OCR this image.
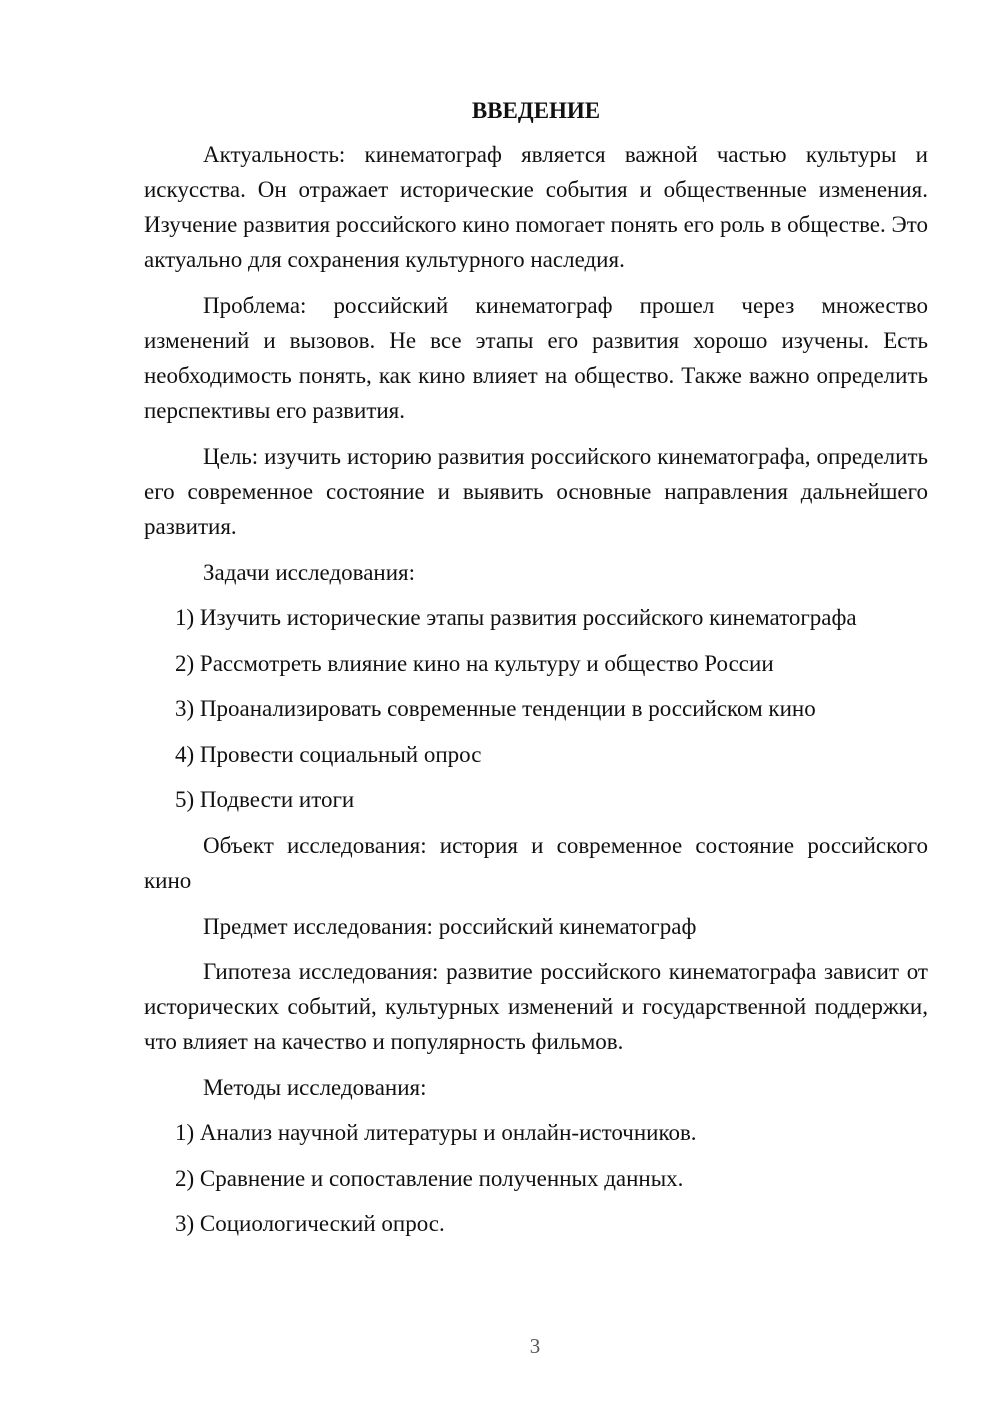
ВВЕДЕНИЕ

Актуальность: кинематограф является важной частью культуры и искусства. Он отражает исторические события и общественные изменения. Изучение развития российского кино помогает понять его роль в обществе. Это актуально для сохранения культурного наследия.

Проблема: российский кинематограф прошел через множество изменений и вызовов. Не все этапы его развития хорошо изучены. Есть необходимость понять, как кино влияет на общество. Также важно определить перспективы его развития.

Цель: изучить историю развития российского кинематографа, определить его современное состояние и выявить основные направления дальнейшего развития.

Задачи исследования:

1) Изучить исторические этапы развития российского кинематографа
2) Рассмотреть влияние кино на культуру и общество России
3) Проанализировать современные тенденции в российском кино
4) Провести социальный опрос
5) Подвести итоги

Объект исследования: история и современное состояние российского кино

Предмет исследования: российский кинематограф

Гипотеза исследования: развитие российского кинематографа зависит от исторических событий, культурных изменений и государственной поддержки, что влияет на качество и популярность фильмов.

Методы исследования:

1) Анализ научной литературы и онлайн-источников.
2) Сравнение и сопоставление полученных данных.
3) Социологический опрос.
3
